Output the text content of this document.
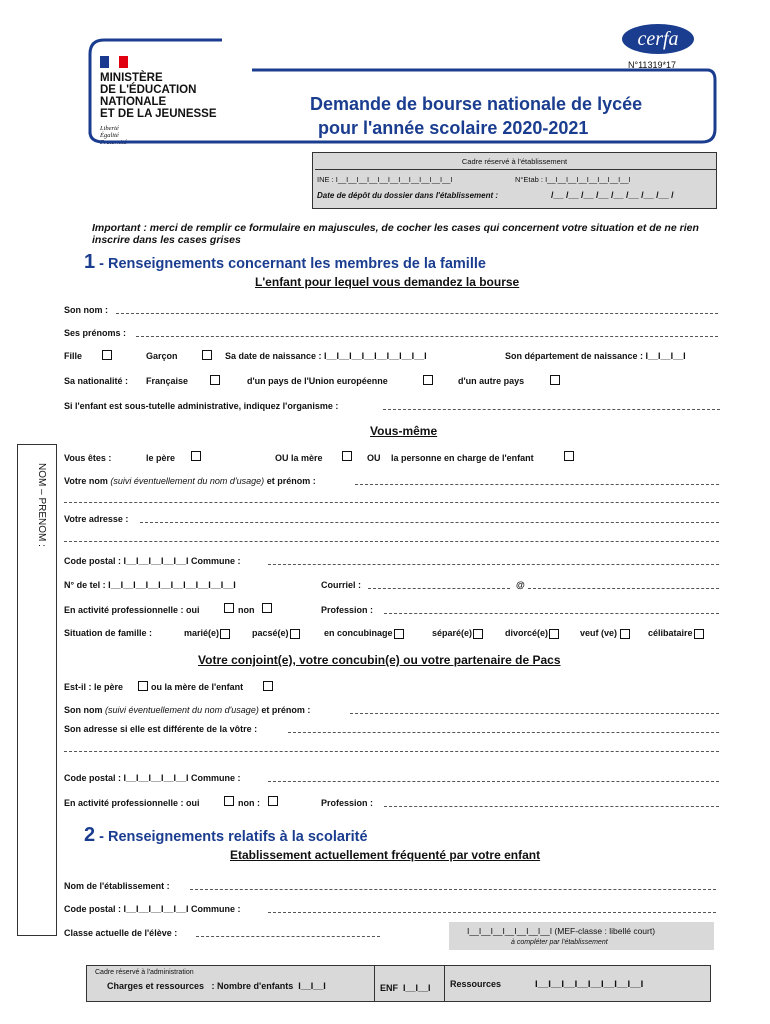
MINISTÈRE
DE L'ÉDUCATION
NATIONALE
ET DE LA JEUNESSE
Liberté
Égalité
Fraternité
Demande de bourse nationale de lycée
pour l'année scolaire 2020-2021
cerfa
N°11319*17
Cadre réservé à l'établissement
INE : I__I__I__I__I__I__I__I__I__I__I__I	N°Etab : I__I__I__I__I__I__I__I__I
Date de dépôt du dossier dans l'établissement :	/__ /__ /__ /__ /__ /__ /__ /__ /
Important : merci de remplir ce formulaire en majuscules, de cocher les cases qui concernent votre situation et de ne rien inscrire dans les cases grises
NOM – PRENOM :
1 - Renseignements concernant les membres de la famille
L'enfant pour lequel vous demandez la bourse
Son nom :
Ses prénoms :
Fille	Garçon	Sa date de naissance : I__I__I__I__I__I__I__I__I	Son département de naissance : I__I__I__I
Sa nationalité : Française	d'un pays de l'Union européenne	d'un autre pays
Si l'enfant est sous-tutelle administrative, indiquez l'organisme :
Vous-même
Vous êtes :	le père	OU la mère	OU la personne en charge de l'enfant
Votre nom (suivi éventuellement du nom d'usage) et prénom :
Votre adresse :
Code postal : I__I__I__I__I__I Commune :
N° de tel : I__I__I__I__I__I__I__I__I__I__I	Courriel :	@
En activité professionnelle : oui	non	Profession :
Situation de famille :	marié(e)	pacsé(e)	en concubinage	séparé(e)	divorcé(e)	veuf (ve)	célibataire
Votre conjoint(e), votre concubin(e) ou votre partenaire de Pacs
Est-il : le père	ou la mère de l'enfant
Son nom (suivi éventuellement du nom d'usage) et prénom :
Son adresse si elle est différente de la vôtre :
Code postal : I__I__I__I__I__I Commune :
En activité professionnelle : oui	non :	Profession :
2 - Renseignements relatifs à la scolarité
Etablissement actuellement fréquenté par votre enfant
Nom de l'établissement :
Code postal : I__I__I__I__I__I Commune :
Classe actuelle de l'élève :	I__I__I__I__I__I__I__I (MEF-classe : libellé court)
à compléter par l'établissement
Cadre réservé à l'administration
Charges et ressources   : Nombre d'enfants  I__I__I	ENF  I__I__I Ressources	I__I__I__I__I__I__I__I__I
